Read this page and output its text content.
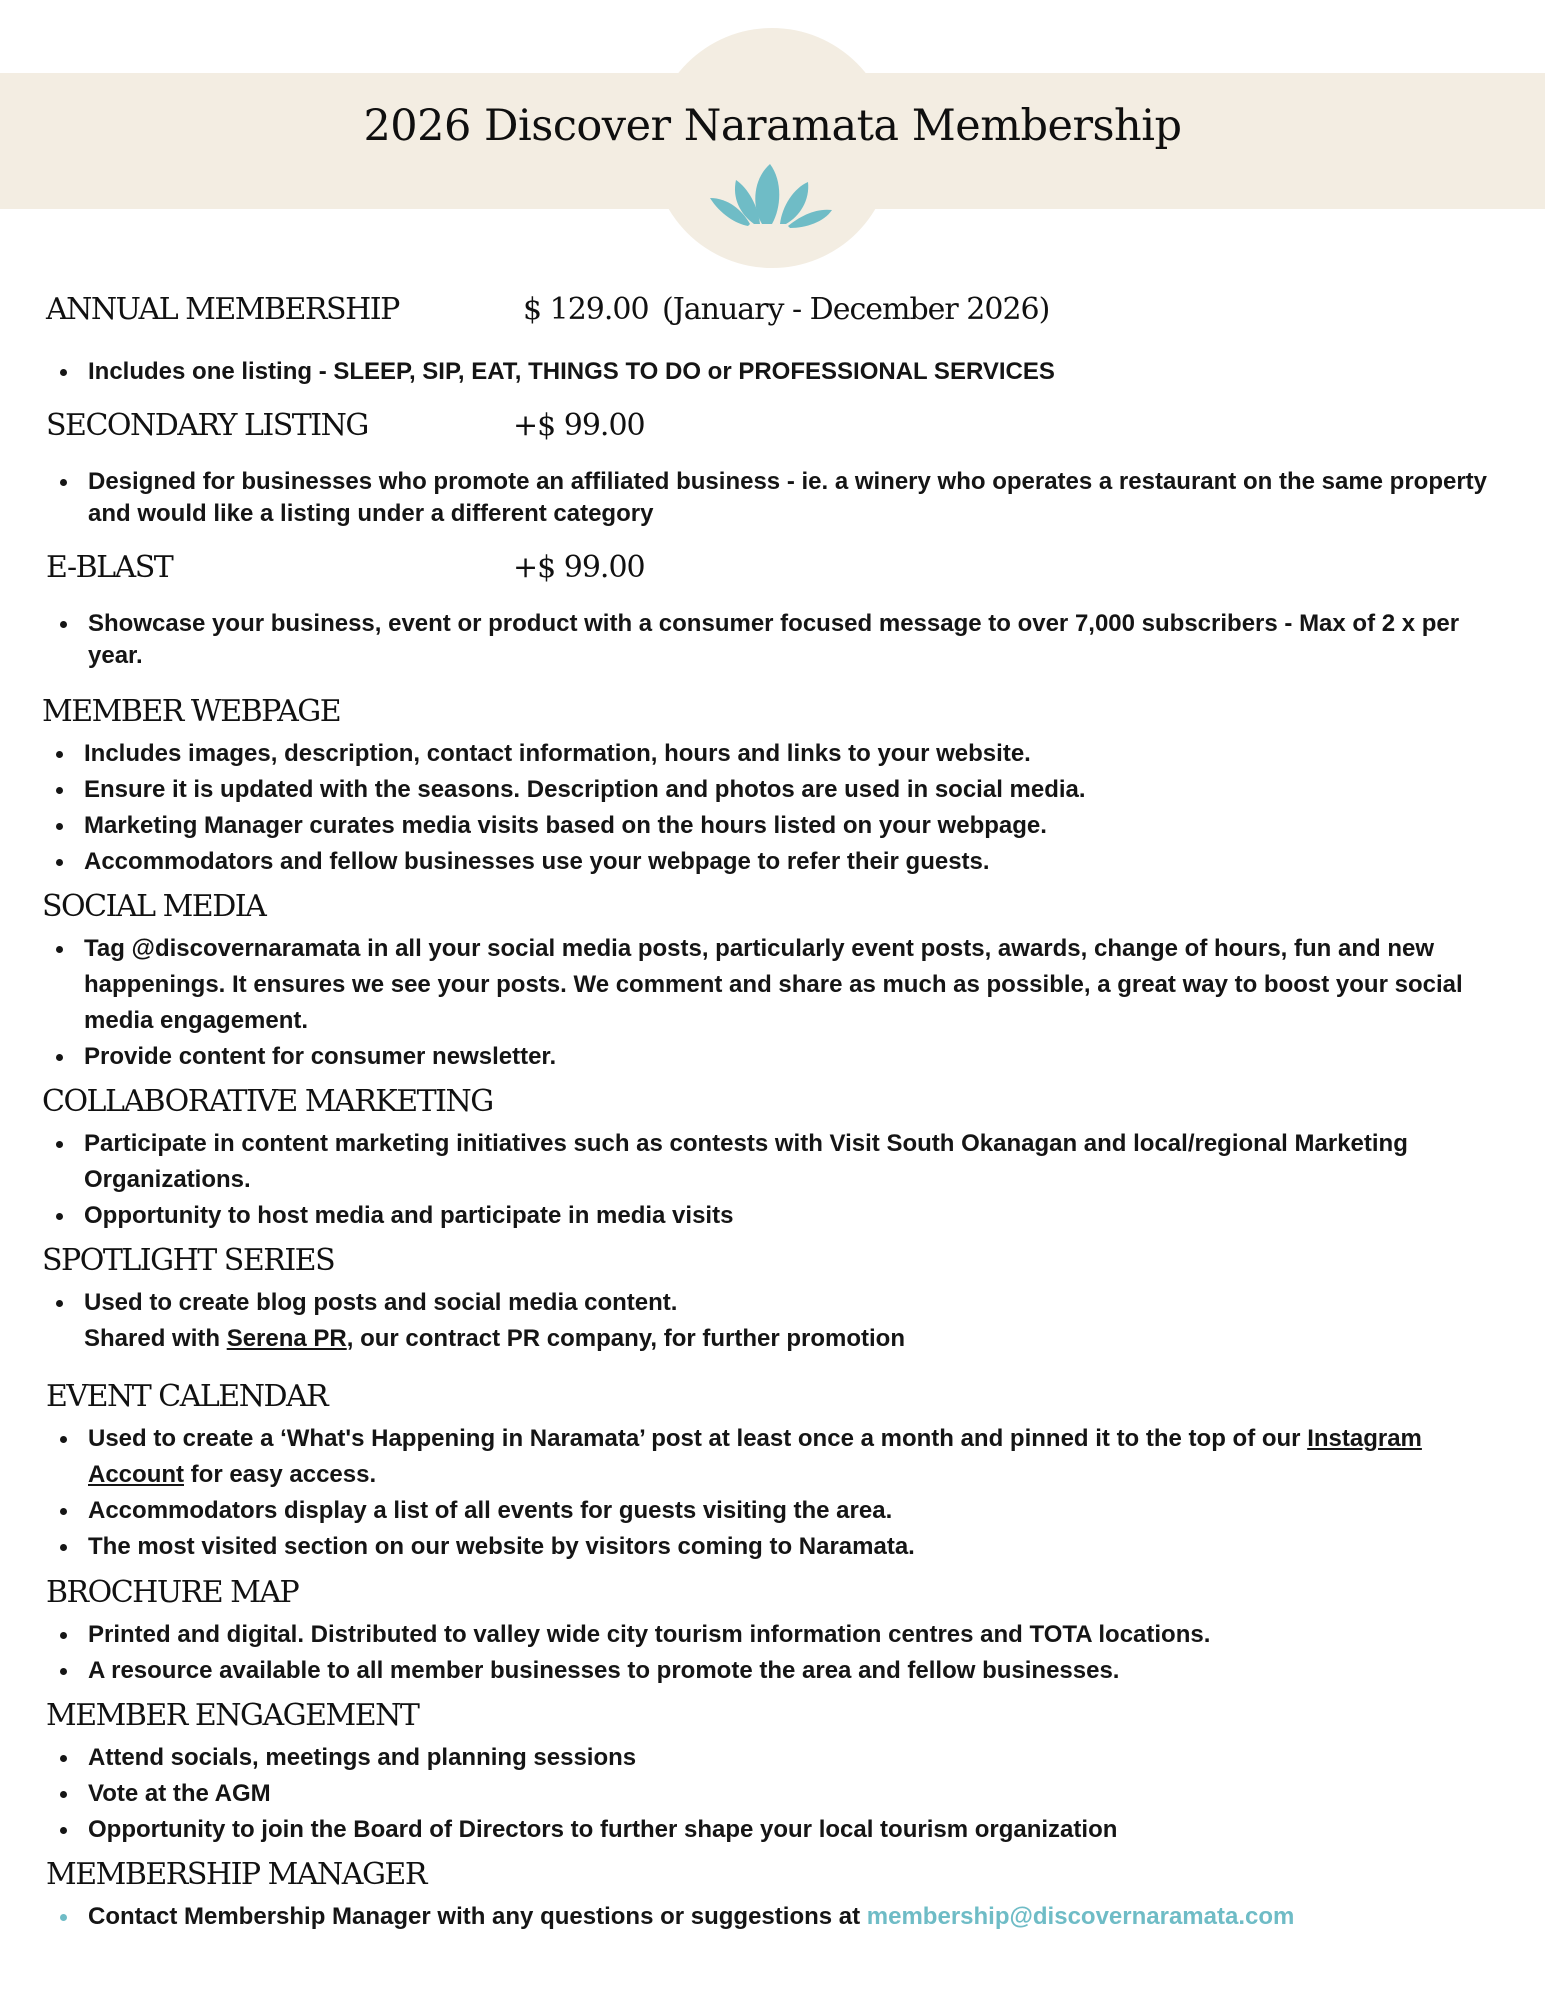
2026 Discover Naramata Membership
ANNUAL MEMBERSHIP	$ 129.00 (January - December 2026)
Includes one listing - SLEEP, SIP, EAT, THINGS TO DO or PROFESSIONAL SERVICES
SECONDARY LISTING	+$ 99.00
Designed for businesses who promote an affiliated business - ie. a winery who operates a restaurant on the same property and would like a listing under a different category
E-BLAST	+$ 99.00
Showcase your business, event or product with a consumer focused message to over 7,000 subscribers - Max of 2 x per year.
MEMBER WEBPAGE
Includes images, description, contact information, hours and links to your website.
Ensure it is updated with the seasons. Description and photos are used in social media.
Marketing Manager curates media visits based on the hours listed on your webpage.
Accommodators and fellow businesses use your webpage to refer their guests.
SOCIAL MEDIA
Tag @discovernaramata in all your social media posts, particularly event posts, awards, change of hours, fun and new happenings. It ensures we see your posts. We comment and share as much as possible, a great way to boost your social media engagement.
Provide content for consumer newsletter.
COLLABORATIVE MARKETING
Participate in content marketing initiatives such as contests with Visit South Okanagan and local/regional Marketing Organizations.
Opportunity to host media and participate in media visits
SPOTLIGHT SERIES
Used to create blog posts and social media content.
Shared with Serena PR, our contract PR company, for further promotion
EVENT CALENDAR
Used to create a ‘What's Happening in Naramata’ post at least once a month and pinned it to the top of our Instagram Account for easy access.
Accommodators display a list of all events for guests visiting the area.
The most visited section on our website by visitors coming to Naramata.
BROCHURE MAP
Printed and digital. Distributed to valley wide city tourism information centres and TOTA locations.
A resource available to all member businesses to promote the area and fellow businesses.
MEMBER ENGAGEMENT
Attend socials, meetings and planning sessions
Vote at the AGM
Opportunity to join the Board of Directors to further shape your local tourism organization
MEMBERSHIP MANAGER
Contact Membership Manager with any questions or suggestions at membership@discovernaramata.com
